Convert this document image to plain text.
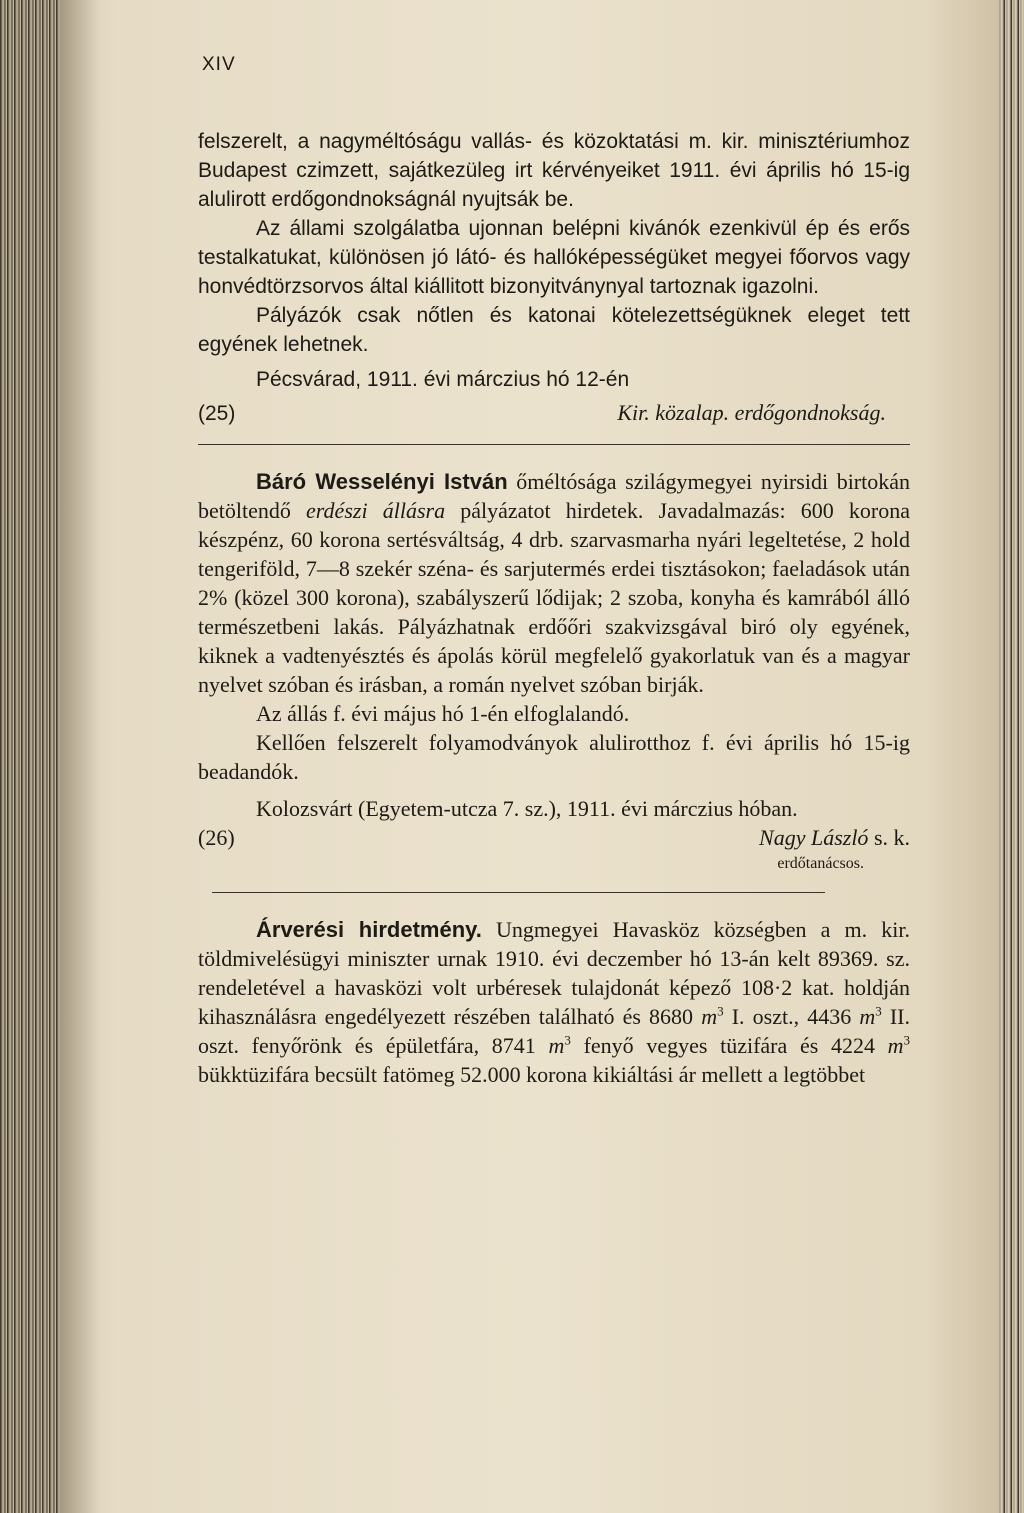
XIV

felszerelt, a nagyméltóságu vallás- és közoktatási m. kir. minisztériumhoz Budapest czimzett, sajátkezüleg irt kérvényeiket 1911. évi április hó 15-ig alulirott erdőgondnokságnál nyujtsák be.

Az állami szolgálatba ujonnan belépni kivánók ezenkivül ép és erős testalkatukat, különösen jó látó- és hallóképességüket megyei főorvos vagy honvédtörzsorvos által kiállitott bizonyitványnyal tartoznak igazolni.

Pályázók csak nőtlen és katonai kötelezettségüknek eleget tett egyének lehetnek.

Pécsvárad, 1911. évi márczius hó 12-én

(25)	Kir. közalap. erdőgondnokság.

Báró Wesselényi István őméltósága szilágymegyei nyirsidi birtokán betöltendő erdészi állásra pályázatot hirdetek. Javadalmazás: 600 korona készpénz, 60 korona sertésváltság, 4 drb. szarvasmarha nyári legeltetése, 2 hold tengeriföld, 7—8 szekér széna- és sarjutermés erdei tisztásokon; faeladások után 2% (közel 300 korona), szabályszerű lődijak; 2 szoba, konyha és kamrából álló természetbeni lakás. Pályázhatnak erdőőri szakvizsgával biró oly egyének, kiknek a vadtenyésztés és ápolás körül megfelelő gyakorlatuk van és a magyar nyelvet szóban és irásban, a román nyelvet szóban birják.

Az állás f. évi május hó 1-én elfoglalandó.

Kellően felszerelt folyamodványok alulirotthoz f. évi április hó 15-ig beadandók.

Kolozsvárt (Egyetem-utcza 7. sz.), 1911. évi márczius hóban.

(26)	Nagy László s. k.
erdőtanácsos.

Árverési hirdetmény. Ungmegyei Havasköz községben a m. kir. töldmivelésügyi miniszter urnak 1910. évi deczember hó 13-án kelt 89369. sz. rendeletével a havasközi volt urbéresek tulajdonát képező 108·2 kat. holdján kihasználásra engedélyezett részében található és 8680 $m^3$ I. oszt., 4436 $m^3$ II. oszt. fenyőrönk és épületfára, 8741 $m^3$ fenyő vegyes tüzifára és 4224 $m^3$ bükktüzifára becsült fatömeg 52.000 korona kikiáltási ár mellett a legtöbbet
